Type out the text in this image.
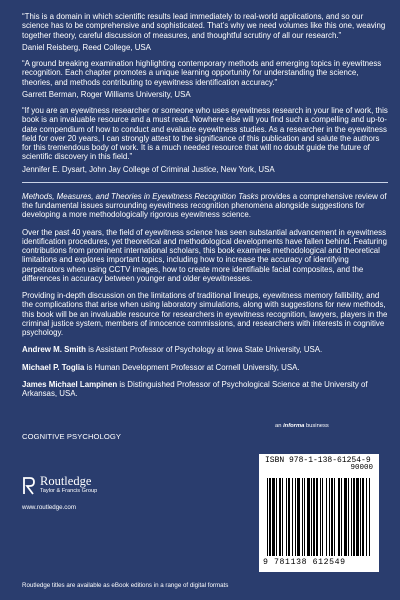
“This is a domain in which scientific results lead immediately to real-world applications, and so our science has to be comprehensive and sophisticated. That’s why we need volumes like this one, weaving together theory, careful discussion of measures, and thoughtful scrutiny of all our research.”

Daniel Reisberg, Reed College, USA

“A ground breaking examination highlighting contemporary methods and emerging topics in eyewitness recognition. Each chapter promotes a unique learning opportunity for understanding the science, theories, and methods contributing to eyewitness identification accuracy.”

Garrett Berman, Roger Williams University, USA

“If you are an eyewitness researcher or someone who uses eyewitness research in your line of work, this book is an invaluable resource and a must read. Nowhere else will you find such a compelling and up-to-date compendium of how to conduct and evaluate eyewitness studies. As a researcher in the eyewitness field for over 20 years, I can strongly attest to the significance of this publication and salute the authors for this tremendous body of work. It is a much needed resource that will no doubt guide the future of scientific discovery in this field.”

Jennifer E. Dysart, John Jay College of Criminal Justice, New York, USA

Methods, Measures, and Theories in Eyewitness Recognition Tasks provides a comprehensive review of the fundamental issues surrounding eyewitness recognition phenomena alongside suggestions for developing a more methodologically rigorous eyewitness science.

Over the past 40 years, the field of eyewitness science has seen substantial advancement in eyewitness identification procedures, yet theoretical and methodological developments have fallen behind. Featuring contributions from prominent international scholars, this book examines methodological and theoretical limitations and explores important topics, including how to increase the accuracy of identifying perpetrators when using CCTV images, how to create more identifiable facial composites, and the differences in accuracy between younger and older eyewitnesses.

Providing in-depth discussion on the limitations of traditional lineups, eyewitness memory fallibility, and the complications that arise when using laboratory simulations, along with suggestions for new methods, this book will be an invaluable resource for researchers in eyewitness recognition, lawyers, players in the criminal justice system, members of innocence commissions, and researchers with interests in cognitive psychology.

Andrew M. Smith is Assistant Professor of Psychology at Iowa State University, USA.

Michael P. Toglia is Human Development Professor at Cornell University, USA.

James Michael Lampinen is Distinguished Professor of Psychological Science at the University of Arkansas, USA.

an informa business
COGNITIVE PSYCHOLOGY
Routledge
Taylor & Francis Group
www.routledge.com
ISBN 978-1-138-61254-9
9 781138 612549
90000
Routledge titles are available as eBook editions in a range of digital formats
